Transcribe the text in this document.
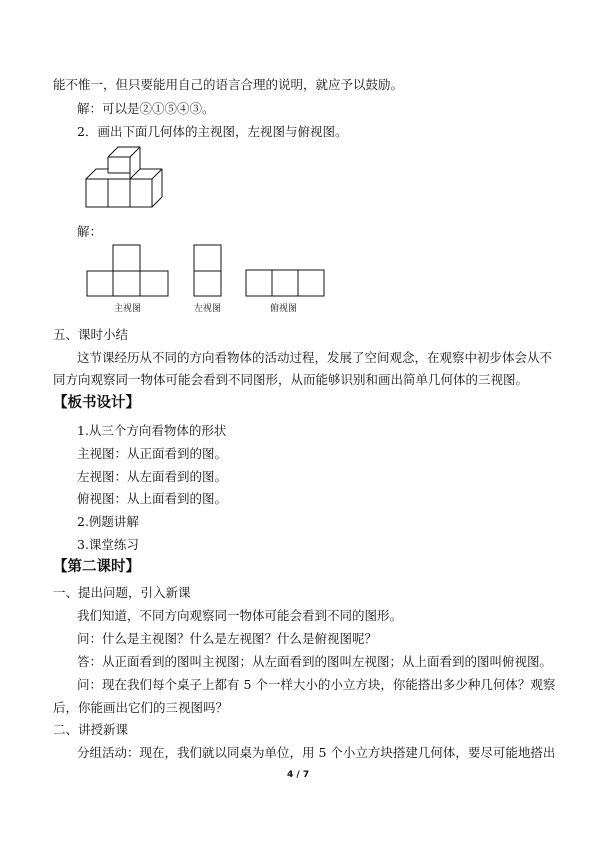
能不惟一，但只要能用自己的语言合理的说明，就应予以鼓励。
解：可以是②①⑤④③。
2．画出下面几何体的主视图，左视图与俯视图。
解：
主视图	左视图	俯视图
五、课时小结
这节课经历从不同的方向看物体的活动过程，发展了空间观念，在观察中初步体会从不
同方向观察同一物体可能会看到不同图形，从而能够识别和画出简单几何体的三视图。
【板书设计】
1.从三个方向看物体的形状
主视图：从正面看到的图。
左视图：从左面看到的图。
俯视图：从上面看到的图。
2.例题讲解
3.课堂练习
【第二课时】
一、提出问题，引入新课
我们知道，不同方向观察同一物体可能会看到不同的图形。
问：什么是主视图？什么是左视图？什么是俯视图呢？
答：从正面看到的图叫主视图；从左面看到的图叫左视图；从上面看到的图叫俯视图。
问：现在我们每个桌子上都有 5 个一样大小的小立方块，你能搭出多少种几何体？观察
后，你能画出它们的三视图吗？
二、讲授新课
分组活动：现在，我们就以同桌为单位，用 5 个小立方块搭建几何体，要尽可能地搭出
4 / 7
